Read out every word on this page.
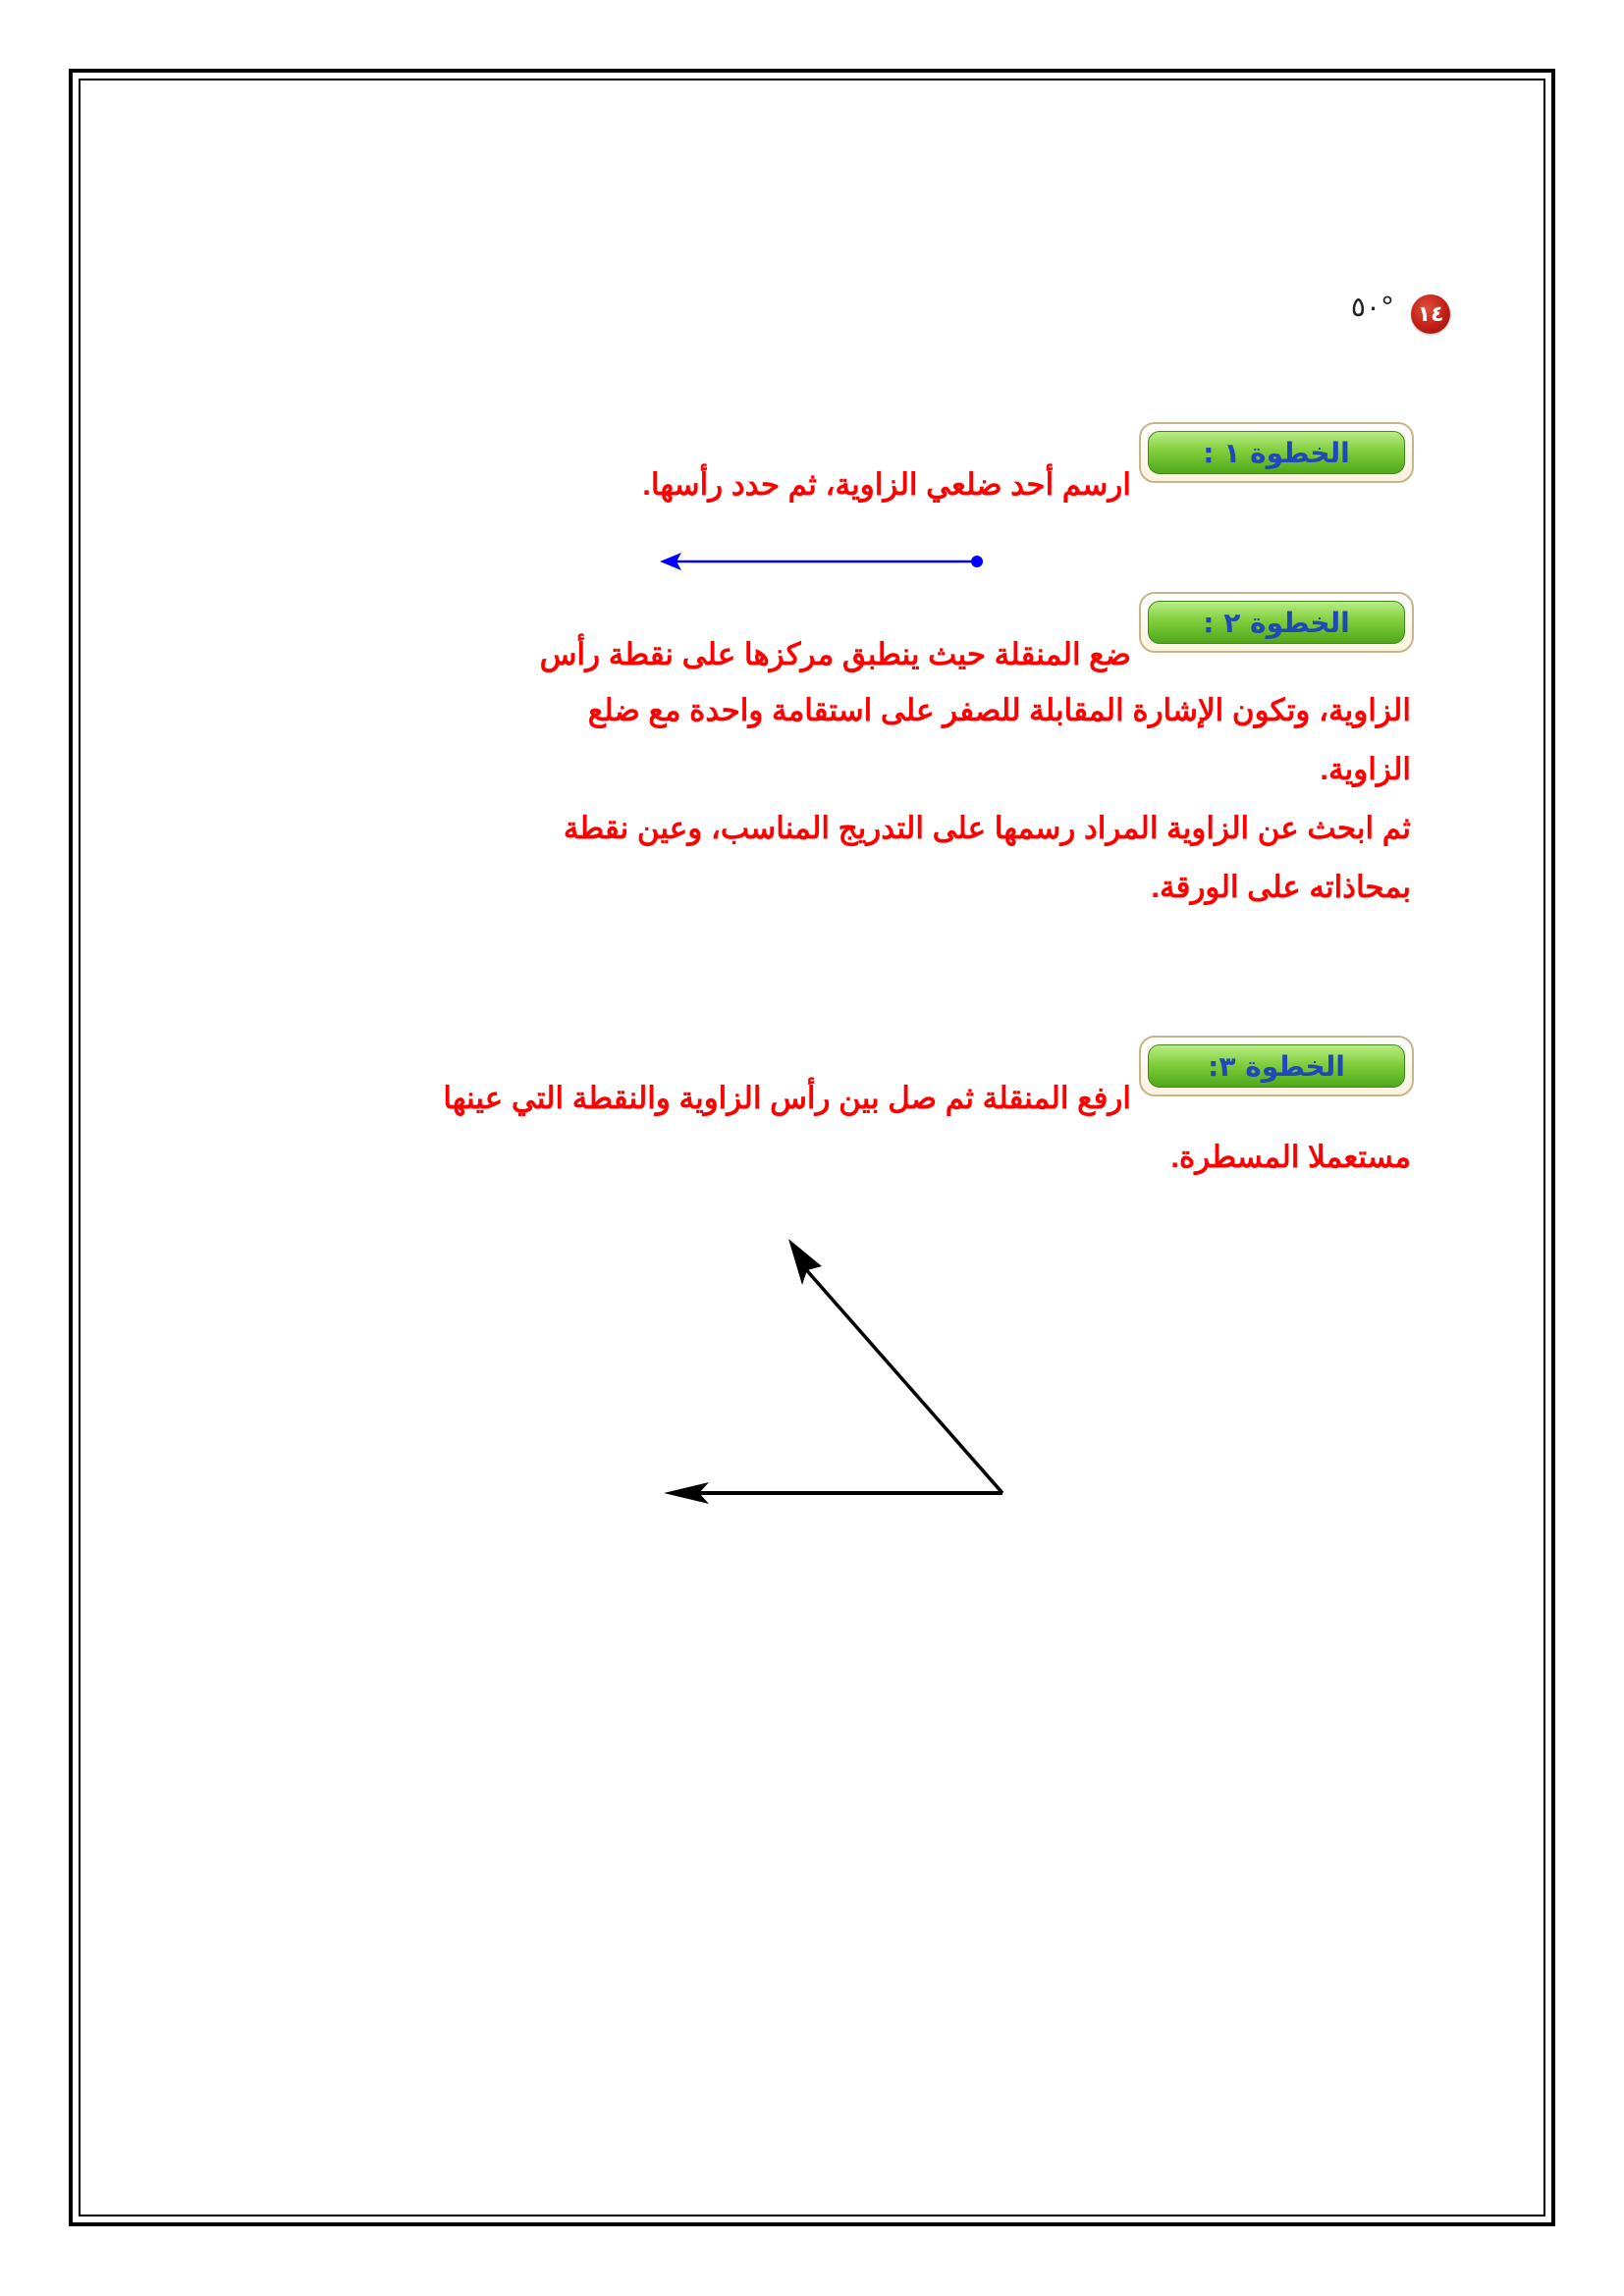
١٤
°٥٠
الخطوة ١ :
ارسم أحد ضلعي الزاوية، ثم حدد رأسها.
الخطوة ٢ :
ضع المنقلة حيث ينطبق مركزها على نقطة رأس
الزاوية، وتكون الإشارة المقابلة للصفر على استقامة واحدة مع ضلع
الزاوية.
ثم ابحث عن الزاوية المراد رسمها على التدريج المناسب، وعين نقطة
بمحاذاته على الورقة.
الخطوة ٣:
ارفع المنقلة ثم صل بين رأس الزاوية والنقطة التي عينها
مستعملا المسطرة.
